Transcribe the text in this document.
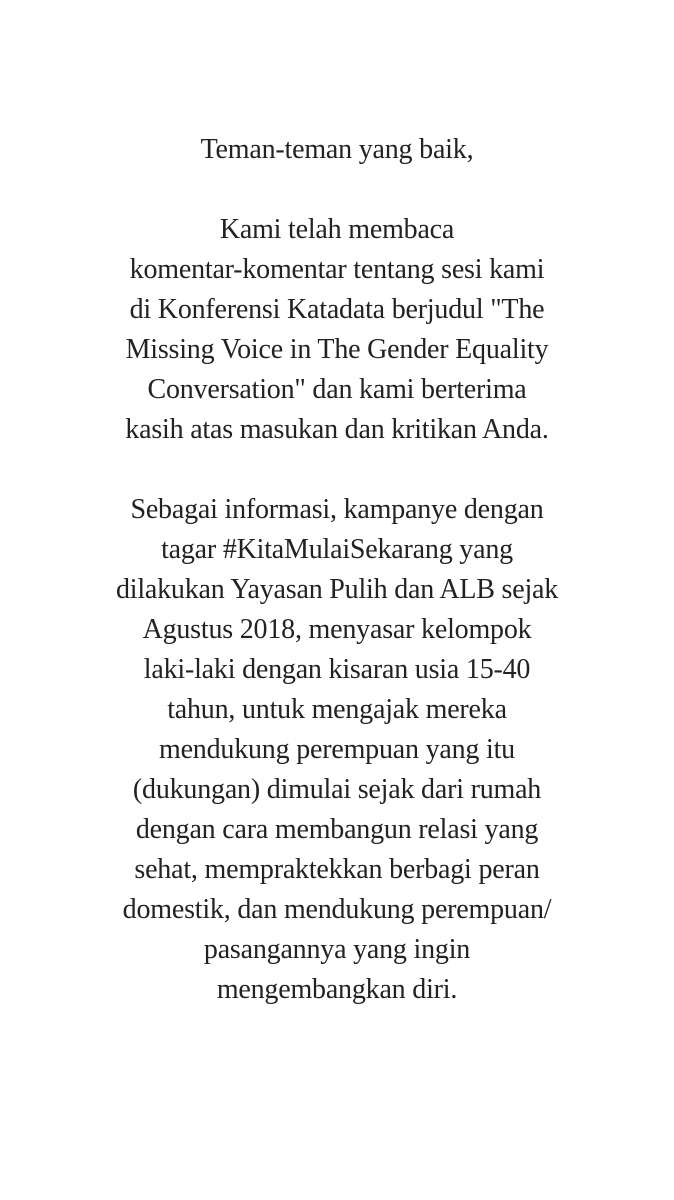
Teman-teman yang baik,
Kami telah membaca
komentar-komentar tentang sesi kami
di Konferensi Katadata berjudul "The
Missing Voice in The Gender Equality
Conversation" dan kami berterima
kasih atas masukan dan kritikan Anda.
Sebagai informasi, kampanye dengan
tagar #KitaMulaiSekarang yang
dilakukan Yayasan Pulih dan ALB sejak
Agustus 2018, menyasar kelompok
laki-laki dengan kisaran usia 15-40
tahun, untuk mengajak mereka
mendukung perempuan yang itu
(dukungan) dimulai sejak dari rumah
dengan cara membangun relasi yang
sehat, mempraktekkan berbagi peran
domestik, dan mendukung perempuan/
pasangannya yang ingin
mengembangkan diri.
